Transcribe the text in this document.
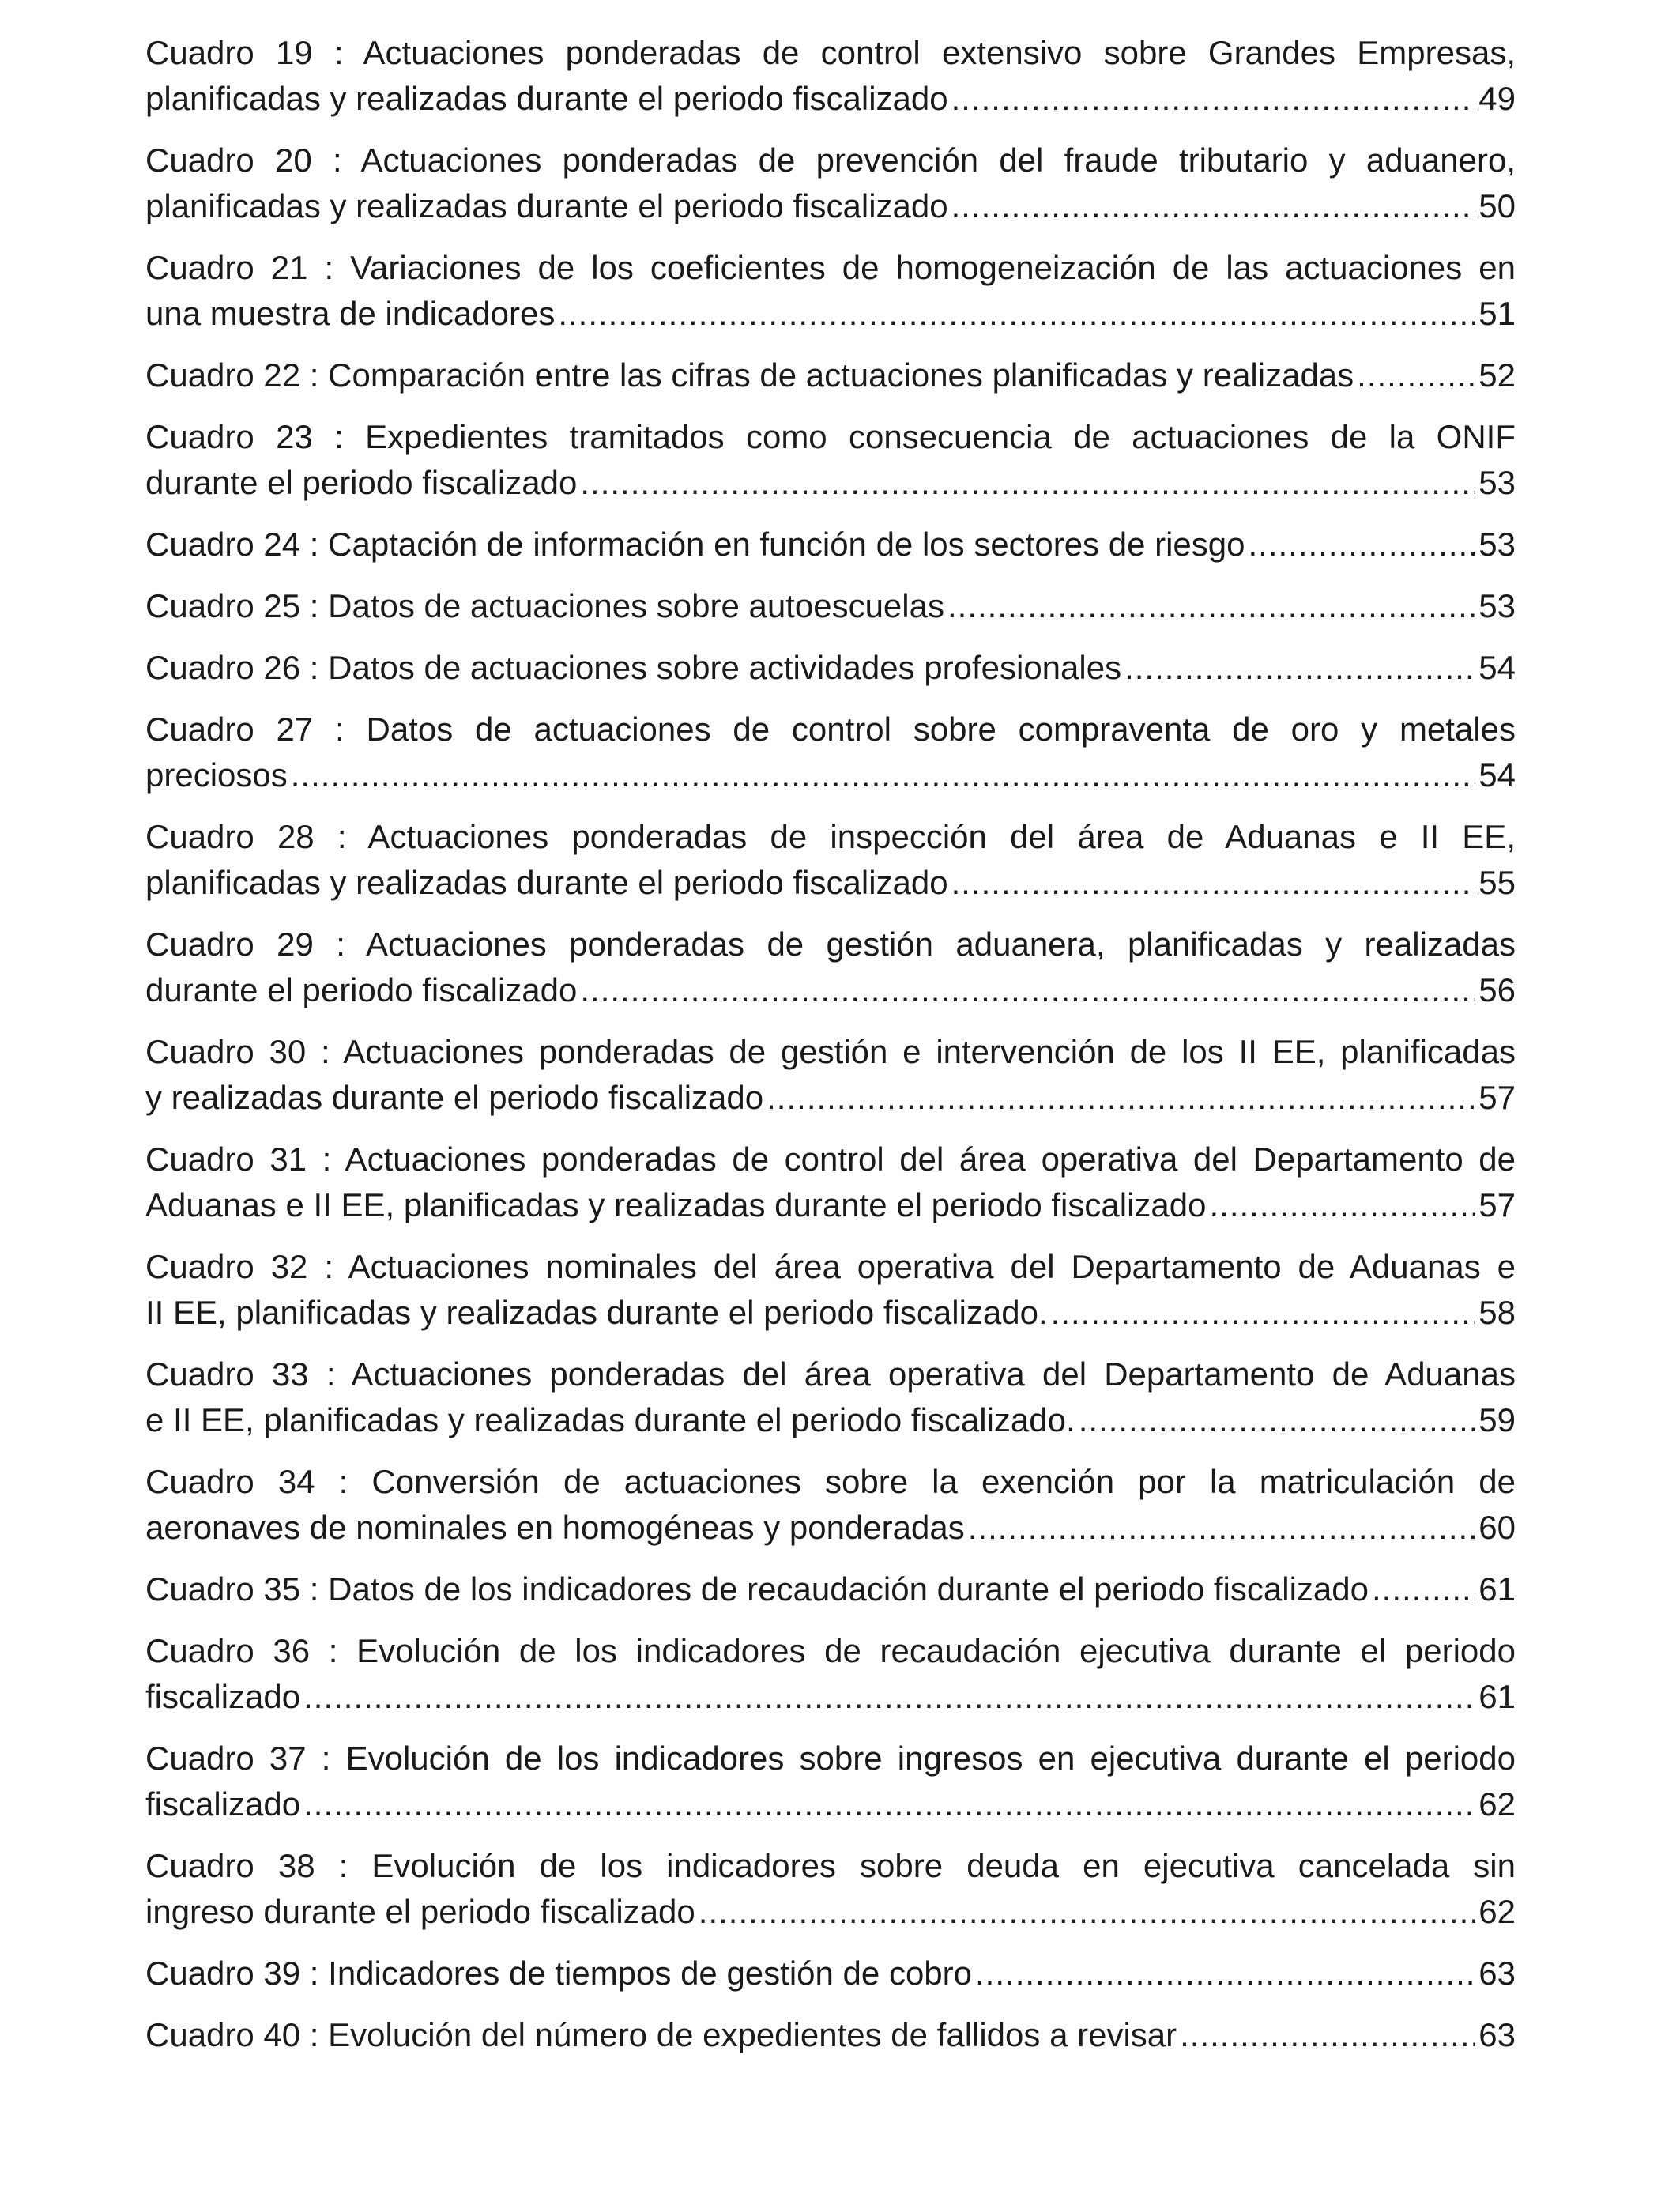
Cuadro 19 : Actuaciones ponderadas de control extensivo sobre Grandes Empresas,
planificadas y realizadas durante el periodo fiscalizado .....	49
Cuadro 20 : Actuaciones ponderadas de prevención del fraude tributario y aduanero,
planificadas y realizadas durante el periodo fiscalizado .....	50
Cuadro 21 : Variaciones de los coeficientes de homogeneización de las actuaciones en
una muestra de indicadores .....	51
Cuadro 22 : Comparación entre las cifras de actuaciones planificadas y realizadas .....	52
Cuadro 23 : Expedientes tramitados como consecuencia de actuaciones de la ONIF
durante el periodo fiscalizado .....	53
Cuadro 24 : Captación de información en función de los sectores de riesgo .....	53
Cuadro 25 : Datos de actuaciones sobre autoescuelas .....	53
Cuadro 26 : Datos de actuaciones sobre actividades profesionales .....	54
Cuadro 27 : Datos de actuaciones de control sobre compraventa de oro y metales
preciosos .....	54
Cuadro 28 : Actuaciones ponderadas de inspección del área de Aduanas e II EE,
planificadas y realizadas durante el periodo fiscalizado .....	55
Cuadro 29 : Actuaciones ponderadas de gestión aduanera, planificadas y realizadas
durante el periodo fiscalizado .....	56
Cuadro 30 : Actuaciones ponderadas de gestión e intervención de los II EE, planificadas
y realizadas durante el periodo fiscalizado .....	57
Cuadro 31 : Actuaciones ponderadas de control del área operativa del Departamento de
Aduanas e II EE, planificadas y realizadas durante el periodo fiscalizado .....	57
Cuadro 32 : Actuaciones nominales del área operativa del Departamento de Aduanas e
II EE, planificadas y realizadas durante el periodo fiscalizado. .....	58
Cuadro 33 : Actuaciones ponderadas del área operativa del Departamento de Aduanas
e II EE, planificadas y realizadas durante el periodo fiscalizado. .....	59
Cuadro 34 : Conversión de actuaciones sobre la exención por la matriculación de
aeronaves de nominales en homogéneas y ponderadas .....	60
Cuadro 35 : Datos de los indicadores de recaudación durante el periodo fiscalizado .....	61
Cuadro 36 : Evolución de los indicadores de recaudación ejecutiva durante el periodo
fiscalizado .....	61
Cuadro 37 : Evolución de los indicadores sobre ingresos en ejecutiva durante el periodo
fiscalizado .....	62
Cuadro 38 : Evolución de los indicadores sobre deuda en ejecutiva cancelada sin
ingreso durante el periodo fiscalizado .....	62
Cuadro 39 : Indicadores de tiempos de gestión de cobro .....	63
Cuadro 40 : Evolución del número de expedientes de fallidos a revisar .....	63
